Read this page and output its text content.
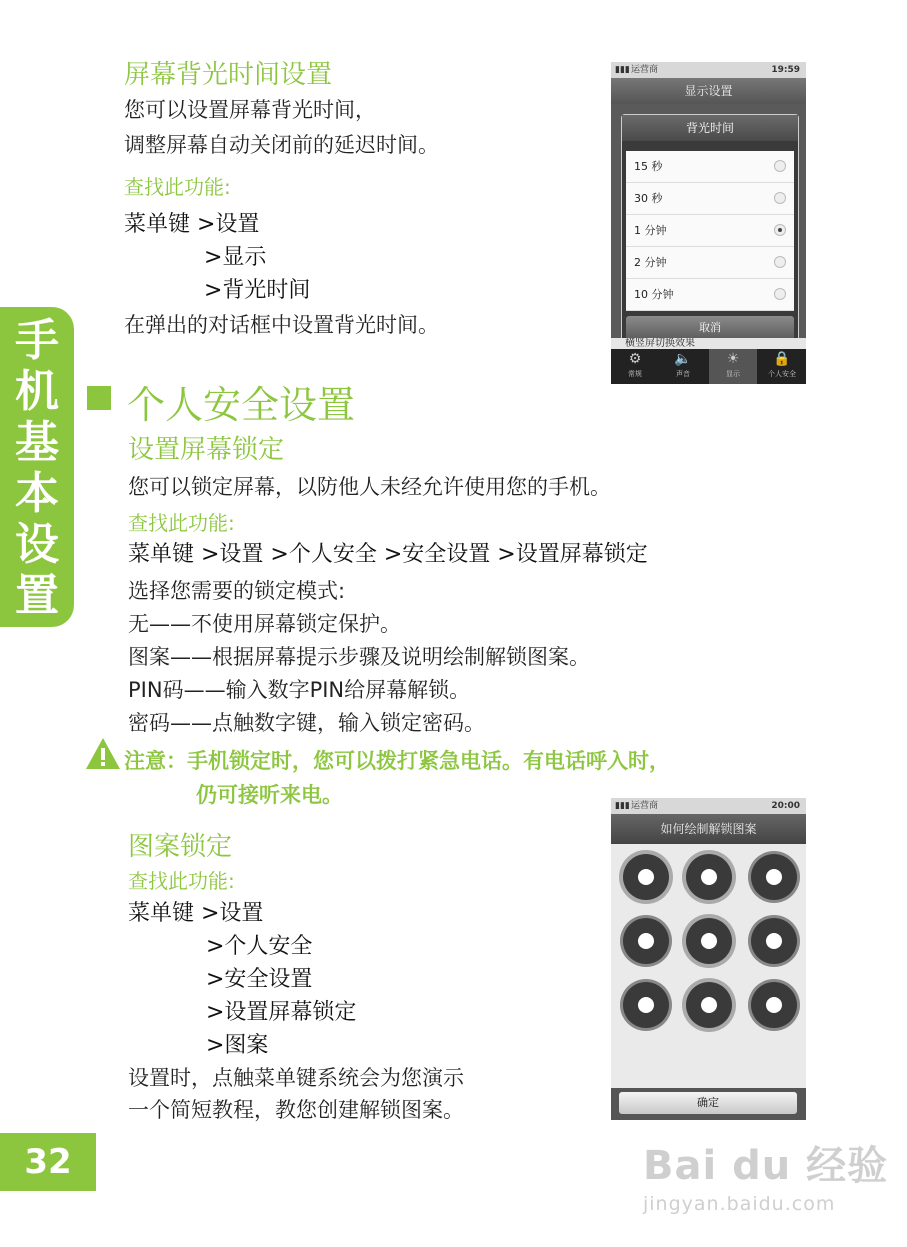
手
机
基
本
设
置
屏幕背光时间设置
您可以设置屏幕背光时间，
调整屏幕自动关闭前的延迟时间。
查找此功能:
菜单键 >设置
>显示
>背光时间
在弹出的对话框中设置背光时间。
▮▮▮ 运营商	19:59
显示设置
背光时间
15 秒
30 秒
1 分钟
2 分钟
10 分钟
取消
横竖屏切换效果
⚙
常规
🔈
声音
☀
显示
🔒
个人安全
个人安全设置
设置屏幕锁定
您可以锁定屏幕，以防他人未经允许使用您的手机。
查找此功能:
菜单键 >设置 >个人安全 >安全设置 >设置屏幕锁定
选择您需要的锁定模式:
无——不使用屏幕锁定保护。
图案——根据屏幕提示步骤及说明绘制解锁图案。
PIN码——输入数字PIN给屏幕解锁。
密码——点触数字键，输入锁定密码。
注意：手机锁定时，您可以拨打紧急电话。有电话呼入时，
仍可接听来电。
图案锁定
查找此功能:
菜单键 >设置
>个人安全
>安全设置
>设置屏幕锁定
>图案
设置时，点触菜单键系统会为您演示
一个简短教程，教您创建解锁图案。
▮▮▮ 运营商	20:00
如何绘制解锁图案
确定
32	Bai du 经验
jingyan.baidu.com
